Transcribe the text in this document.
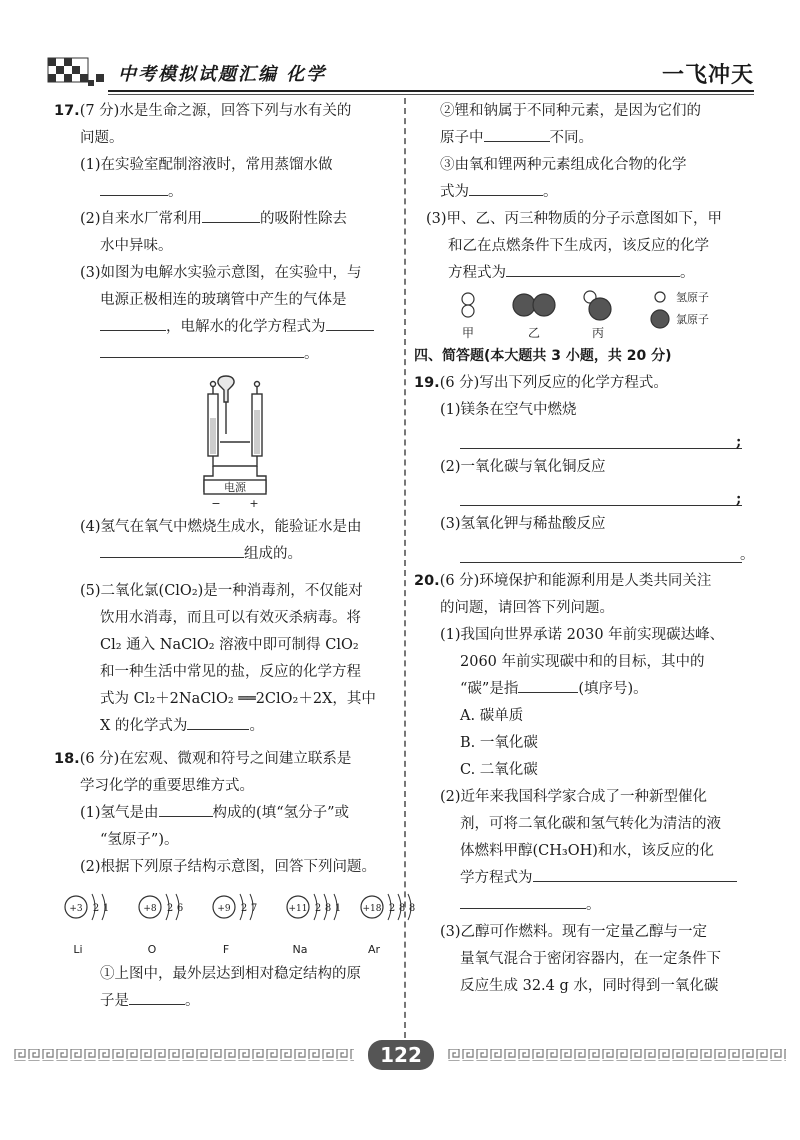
中考模拟试题汇编 化学	一飞冲天
17.(7 分)水是生命之源，回答下列与水有关的
问题。
(1)在实验室配制溶液时，常用蒸馏水做
。
(2)自来水厂常利用	的吸附性除去
水中异味。
(3)如图为电解水实验示意图，在实验中，与
电源正极相连的玻璃管中产生的气体是
，电解水的化学方程式为
。
电源
−	+
(4)氢气在氧气中燃烧生成水，能验证水是由
组成的。
(5)二氧化氯(ClO₂)是一种消毒剂，不仅能对
饮用水消毒，而且可以有效灭杀病毒。将
Cl₂ 通入 NaClO₂ 溶液中即可制得 ClO₂
和一种生活中常见的盐，反应的化学方程
式为 Cl₂＋2NaClO₂ ══2ClO₂＋2X，其中
X 的化学式为	。
18.(6 分)在宏观、微观和符号之间建立联系是
学习化学的重要思维方式。
(1)氢气是由	构成的(填“氢分子”或
“氢原子”)。
(2)根据下列原子结构示意图，回答下列问题。
+3 2 1
Li
+8 2 6
O
+9 2 7
F
+11 2 8 1
Na
+18 2 8 8
Ar
①上图中，最外层达到相对稳定结构的原
子是	。
②锂和钠属于不同种元素，是因为它们的
原子中	不同。
③由氧和锂两种元素组成化合物的化学
式为	。
(3)甲、乙、丙三种物质的分子示意图如下，甲
和乙在点燃条件下生成丙，该反应的化学
方程式为	。
甲	乙	丙
氢原子
氯原子
四、简答题(本大题共 3 小题，共 20 分)
19.(6 分)写出下列反应的化学方程式。
(1)镁条在空气中燃烧
;
(2)一氧化碳与氧化铜反应
;
(3)氢氧化钾与稀盐酸反应
。
20.(6 分)环境保护和能源利用是人类共同关注
的问题，请回答下列问题。
(1)我国向世界承诺 2030 年前实现碳达峰、
2060 年前实现碳中和的目标，其中的
“碳”是指	(填序号)。
A. 碳单质
B. 一氧化碳
C. 二氧化碳
(2)近年来我国科学家合成了一种新型催化
剂，可将二氧化碳和氢气转化为清洁的液
体燃料甲醇(CH₃OH)和水，该反应的化
学方程式为
。
(3)乙醇可作燃料。现有一定量乙醇与一定
量氧气混合于密闭容器内，在一定条件下
反应生成 32.4 g 水，同时得到一氧化碳
122
